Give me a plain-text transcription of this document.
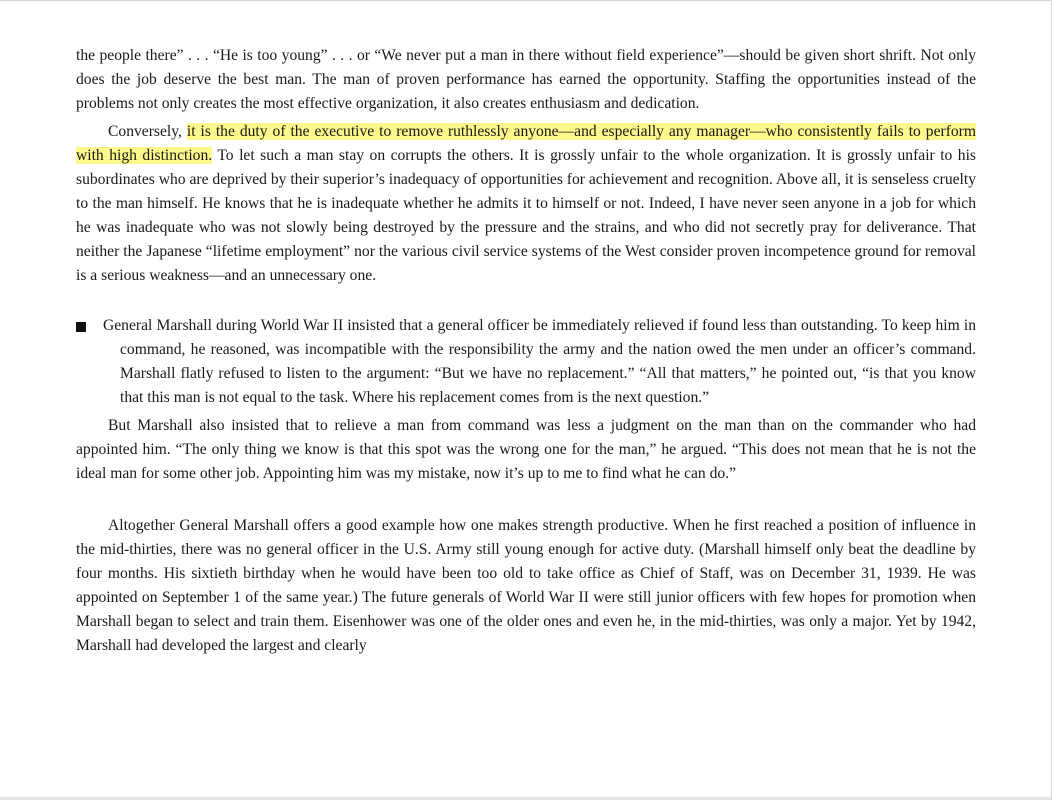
the people there” . . . “He is too young” . . . or “We never put a man in there without field experience”—should be given short shrift. Not only does the job deserve the best man. The man of proven performance has earned the opportunity. Staffing the opportunities instead of the problems not only creates the most effective organization, it also creates enthusiasm and dedication.

Conversely, it is the duty of the executive to remove ruthlessly anyone—and especially any manager—who consistently fails to perform with high distinction. To let such a man stay on corrupts the others. It is grossly unfair to the whole organization. It is grossly unfair to his subordinates who are deprived by their superior’s inadequacy of opportunities for achievement and recognition. Above all, it is senseless cruelty to the man himself. He knows that he is inadequate whether he admits it to himself or not. Indeed, I have never seen anyone in a job for which he was inadequate who was not slowly being destroyed by the pressure and the strains, and who did not secretly pray for deliverance. That neither the Japanese “lifetime employment” nor the various civil service systems of the West consider proven incompetence ground for removal is a serious weakness—and an unnecessary one.

General Marshall during World War II insisted that a general officer be immediately relieved if found less than outstanding. To keep him in command, he reasoned, was incompatible with the responsibility the army and the nation owed the men under an officer’s command. Marshall flatly refused to listen to the argument: “But we have no replacement.” “All that matters,” he pointed out, “is that you know that this man is not equal to the task. Where his replacement comes from is the next question.”

But Marshall also insisted that to relieve a man from command was less a judgment on the man than on the commander who had appointed him. “The only thing we know is that this spot was the wrong one for the man,” he argued. “This does not mean that he is not the ideal man for some other job. Appointing him was my mistake, now it’s up to me to find what he can do.”

Altogether General Marshall offers a good example how one makes strength productive. When he first reached a position of influence in the mid-thirties, there was no general officer in the U.S. Army still young enough for active duty. (Marshall himself only beat the deadline by four months. His sixtieth birthday when he would have been too old to take office as Chief of Staff, was on December 31, 1939. He was appointed on September 1 of the same year.) The future generals of World War II were still junior officers with few hopes for promotion when Marshall began to select and train them. Eisenhower was one of the older ones and even he, in the mid-thirties, was only a major. Yet by 1942, Marshall had developed the largest and clearly
